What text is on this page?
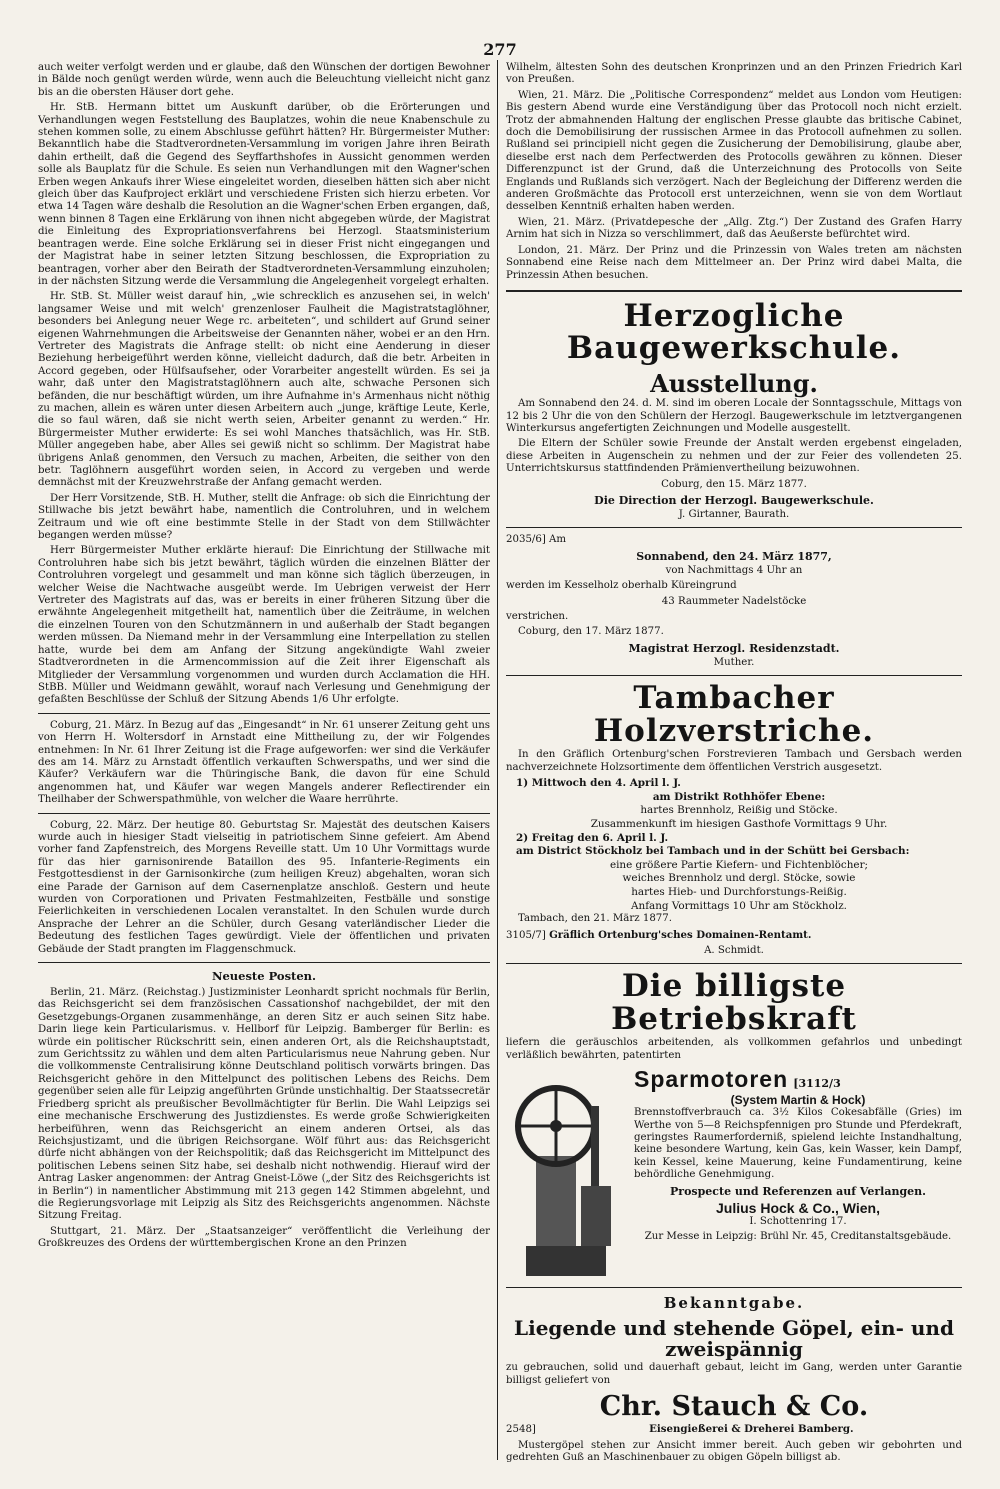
277

auch weiter verfolgt werden und er glaube, daß den Wünschen der dortigen Bewohner in Bälde noch genügt werden würde, wenn auch die Beleuchtung vielleicht nicht ganz bis an die obersten Häuser dort gehe.

Hr. StB. Hermann bittet um Auskunft darüber, ob die Erörterungen und Verhandlungen wegen Feststellung des Bauplatzes, wohin die neue Knabenschule zu stehen kommen solle, zu einem Abschlusse geführt hätten? Hr. Bürgermeister Muther: Bekanntlich habe die Stadtverordneten-Versammlung im vorigen Jahre ihren Beirath dahin ertheilt, daß die Gegend des Seyffarthshofes in Aussicht genommen werden solle als Bauplatz für die Schule. Es seien nun Verhandlungen mit den Wagner'schen Erben wegen Ankaufs ihrer Wiese eingeleitet worden, dieselben hätten sich aber nicht gleich über das Kaufproject erklärt und verschiedene Fristen sich hierzu erbeten. Vor etwa 14 Tagen wäre deshalb die Resolution an die Wagner'schen Erben ergangen, daß, wenn binnen 8 Tagen eine Erklärung von ihnen nicht abgegeben würde, der Magistrat die Einleitung des Expropriationsverfahrens bei Herzogl. Staatsministerium beantragen werde. Eine solche Erklärung sei in dieser Frist nicht eingegangen und der Magistrat habe in seiner letzten Sitzung beschlossen, die Expropriation zu beantragen, vorher aber den Beirath der Stadtverordneten-Versammlung einzuholen; in der nächsten Sitzung werde die Versammlung die Angelegenheit vorgelegt erhalten.

Hr. StB. St. Müller weist darauf hin, „wie schrecklich es anzusehen sei, in welch' langsamer Weise und mit welch' grenzenloser Faulheit die Magistratstaglöhner, besonders bei Anlegung neuer Wege rc. arbeiteten“, und schildert auf Grund seiner eigenen Wahrnehmungen die Arbeitsweise der Genannten näher, wobei er an den Hrn. Vertreter des Magistrats die Anfrage stellt: ob nicht eine Aenderung in dieser Beziehung herbeigeführt werden könne, vielleicht dadurch, daß die betr. Arbeiten in Accord gegeben, oder Hülfsaufseher, oder Vorarbeiter angestellt würden. Es sei ja wahr, daß unter den Magistratstaglöhnern auch alte, schwache Personen sich befänden, die nur beschäftigt würden, um ihre Aufnahme in's Armenhaus nicht nöthig zu machen, allein es wären unter diesen Arbeitern auch „junge, kräftige Leute, Kerle, die so faul wären, daß sie nicht werth seien, Arbeiter genannt zu werden.“ Hr. Bürgermeister Muther erwiderte: Es sei wohl Manches thatsächlich, was Hr. StB. Müller angegeben habe, aber Alles sei gewiß nicht so schlimm. Der Magistrat habe übrigens Anlaß genommen, den Versuch zu machen, Arbeiten, die seither von den betr. Taglöhnern ausgeführt worden seien, in Accord zu vergeben und werde demnächst mit der Kreuzwehrstraße der Anfang gemacht werden.

Der Herr Vorsitzende, StB. H. Muther, stellt die Anfrage: ob sich die Einrichtung der Stillwache bis jetzt bewährt habe, namentlich die Controluhren, und in welchem Zeitraum und wie oft eine bestimmte Stelle in der Stadt von dem Stillwächter begangen werden müsse?

Herr Bürgermeister Muther erklärte hierauf: Die Einrichtung der Stillwache mit Controluhren habe sich bis jetzt bewährt, täglich würden die einzelnen Blätter der Controluhren vorgelegt und gesammelt und man könne sich täglich überzeugen, in welcher Weise die Nachtwache ausgeübt werde. Im Uebrigen verweist der Herr Vertreter des Magistrats auf das, was er bereits in einer früheren Sitzung über die erwähnte Angelegenheit mitgetheilt hat, namentlich über die Zeiträume, in welchen die einzelnen Touren von den Schutzmännern in und außerhalb der Stadt begangen werden müssen. Da Niemand mehr in der Versammlung eine Interpellation zu stellen hatte, wurde bei dem am Anfang der Sitzung angekündigte Wahl zweier Stadtverordneten in die Armencommission auf die Zeit ihrer Eigenschaft als Mitglieder der Versammlung vorgenommen und wurden durch Acclamation die HH. StBB. Müller und Weidmann gewählt, worauf nach Verlesung und Genehmigung der gefaßten Beschlüsse der Schluß der Sitzung Abends 1/6 Uhr erfolgte.

Coburg, 21. März. In Bezug auf das „Eingesandt“ in Nr. 61 unserer Zeitung geht uns von Herrn H. Woltersdorf in Arnstadt eine Mittheilung zu, der wir Folgendes entnehmen: In Nr. 61 Ihrer Zeitung ist die Frage aufgeworfen: wer sind die Verkäufer des am 14. März zu Arnstadt öffentlich verkauften Schwerspaths, und wer sind die Käufer? Verkäufern war die Thüringische Bank, die davon für eine Schuld angenommen hat, und Käufer war wegen Mangels anderer Reflectirender ein Theilhaber der Schwerspathmühle, von welcher die Waare herrührte.

Coburg, 22. März. Der heutige 80. Geburtstag Sr. Majestät des deutschen Kaisers wurde auch in hiesiger Stadt vielseitig in patriotischem Sinne gefeiert. Am Abend vorher fand Zapfenstreich, des Morgens Reveille statt. Um 10 Uhr Vormittags wurde für das hier garnisonirende Bataillon des 95. Infanterie-Regiments ein Festgottesdienst in der Garnisonkirche (zum heiligen Kreuz) abgehalten, woran sich eine Parade der Garnison auf dem Casernenplatze anschloß. Gestern und heute wurden von Corporationen und Privaten Festmahlzeiten, Festbälle und sonstige Feierlichkeiten in verschiedenen Localen veranstaltet. In den Schulen wurde durch Ansprache der Lehrer an die Schüler, durch Gesang vaterländischer Lieder die Bedeutung des festlichen Tages gewürdigt. Viele der öffentlichen und privaten Gebäude der Stadt prangten im Flaggenschmuck.

Neueste Posten.

Berlin, 21. März. (Reichstag.) Justizminister Leonhardt spricht nochmals für Berlin, das Reichsgericht sei dem französischen Cassationshof nachgebildet, der mit den Gesetzgebungs-Organen zusammenhänge, an deren Sitz er auch seinen Sitz habe. Darin liege kein Particularismus. v. Hellborf für Leipzig. Bamberger für Berlin: es würde ein politischer Rückschritt sein, einen anderen Ort, als die Reichshauptstadt, zum Gerichtssitz zu wählen und dem alten Particularismus neue Nahrung geben. Nur die vollkommenste Centralisirung könne Deutschland politisch vorwärts bringen. Das Reichsgericht gehöre in den Mittelpunct des politischen Lebens des Reichs. Dem gegenüber seien alle für Leipzig angeführten Gründe unstichhaltig. Der Staatssecretär Friedberg spricht als preußischer Bevollmächtigter für Berlin. Die Wahl Leipzigs sei eine mechanische Erschwerung des Justizdienstes. Es werde große Schwierigkeiten herbeiführen, wenn das Reichsgericht an einem anderen Ortsei, als das Reichsjustizamt, und die übrigen Reichsorgane. Wölf führt aus: das Reichsgericht dürfe nicht abhängen von der Reichspolitik; daß das Reichsgericht im Mittelpunct des politischen Lebens seinen Sitz habe, sei deshalb nicht nothwendig. Hierauf wird der Antrag Lasker angenommen: der Antrag Gneist-Löwe („der Sitz des Reichsgerichts ist in Berlin“) in namentlicher Abstimmung mit 213 gegen 142 Stimmen abgelehnt, und die Regierungsvorlage mit Leipzig als Sitz des Reichsgerichts angenommen. Nächste Sitzung Freitag.

Stuttgart, 21. März. Der „Staatsanzeiger“ veröffentlicht die Verleihung der Großkreuzes des Ordens der württembergischen Krone an den Prinzen

Wilhelm, ältesten Sohn des deutschen Kronprinzen und an den Prinzen Friedrich Karl von Preußen.

Wien, 21. März. Die „Politische Correspondenz“ meldet aus London vom Heutigen: Bis gestern Abend wurde eine Verständigung über das Protocoll noch nicht erzielt. Trotz der abmahnenden Haltung der englischen Presse glaubte das britische Cabinet, doch die Demobilisirung der russischen Armee in das Protocoll aufnehmen zu sollen. Rußland sei principiell nicht gegen die Zusicherung der Demobilisirung, glaube aber, dieselbe erst nach dem Perfectwerden des Protocolls gewähren zu können. Dieser Differenzpunct ist der Grund, daß die Unterzeichnung des Protocolls von Seite Englands und Rußlands sich verzögert. Nach der Begleichung der Differenz werden die anderen Großmächte das Protocoll erst unterzeichnen, wenn sie von dem Wortlaut desselben Kenntniß erhalten haben werden.

Wien, 21. März. (Privatdepesche der „Allg. Ztg.“) Der Zustand des Grafen Harry Arnim hat sich in Nizza so verschlimmert, daß das Aeußerste befürchtet wird.

London, 21. März. Der Prinz und die Prinzessin von Wales treten am nächsten Sonnabend eine Reise nach dem Mittelmeer an. Der Prinz wird dabei Malta, die Prinzessin Athen besuchen.

Herzogliche Baugewerkschule.
Ausstellung.

Am Sonnabend den 24. d. M. sind im oberen Locale der Sonntagsschule, Mittags von 12 bis 2 Uhr die von den Schülern der Herzogl. Baugewerkschule im letztvergangenen Winterkursus angefertigten Zeichnungen und Modelle ausgestellt.

Die Eltern der Schüler sowie Freunde der Anstalt werden ergebenst eingeladen, diese Arbeiten in Augenschein zu nehmen und der zur Feier des vollendeten 25. Unterrichtskursus stattfindenden Prämienvertheilung beizuwohnen.

Coburg, den 15. März 1877.

Die Direction der Herzogl. Baugewerkschule.

J. Girtanner, Baurath.

2035/6] Am

Sonnabend, den 24. März 1877,

von Nachmittags 4 Uhr an

werden im Kesselholz oberhalb Küreingrund

43 Raummeter Nadelstöcke

verstrichen.

Coburg, den 17. März 1877.

Magistrat Herzogl. Residenzstadt.

Muther.

Tambacher Holzverstriche.

In den Gräflich Ortenburg'schen Forstrevieren Tambach und Gersbach werden nachverzeichnete Holzsortimente dem öffentlichen Verstrich ausgesetzt.

1) Mittwoch den 4. April l. J.
am Distrikt Rothhöfer Ebene:
hartes Brennholz, Reißig und Stöcke.
Zusammenkunft im hiesigen Gasthofe Vormittags 9 Uhr.
2) Freitag den 6. April l. J.
am District Stöckholz bei Tambach und in der Schütt bei Gersbach:
eine größere Partie Kiefern- und Fichtenblöcher;
weiches Brennholz und dergl. Stöcke, sowie
hartes Hieb- und Durchforstungs-Reißig.
Anfang Vormittags 10 Uhr am Stöckholz.

Tambach, den 21. März 1877.

3105/7] Gräflich Ortenburg'sches Domainen-Rentamt.

A. Schmidt.

Die billigste Betriebskraft

liefern die geräuschlos arbeitenden, als vollkommen gefahrlos und unbedingt verläßlich bewährten, patentirten

Sparmotoren [3112/3
(System Martin & Hock)

Brennstoffverbrauch ca. 3½ Kilos Cokesabfälle (Gries) im Werthe von 5—8 Reichspfennigen pro Stunde und Pferdekraft, geringstes Raumerforderniß, spielend leichte Instandhaltung, keine besondere Wartung, kein Gas, kein Wasser, kein Dampf, kein Kessel, keine Mauerung, keine Fundamentirung, keine behördliche Genehmigung.

Prospecte und Referenzen auf Verlangen.
Julius Hock & Co., Wien,

I. Schottenring 17.

Zur Messe in Leipzig: Brühl Nr. 45, Creditanstaltsgebäude.

Bekanntgabe.
Liegende und stehende Göpel, ein- und zweispännig

zu gebrauchen, solid und dauerhaft gebaut, leicht im Gang, werden unter Garantie billigst geliefert von

Chr. Stauch & Co.

2548]	Eisengießerei & Dreherei Bamberg.

Mustergöpel stehen zur Ansicht immer bereit. Auch geben wir gebohrten und gedrehten Guß an Maschinenbauer zu obigen Göpeln billigst ab.
